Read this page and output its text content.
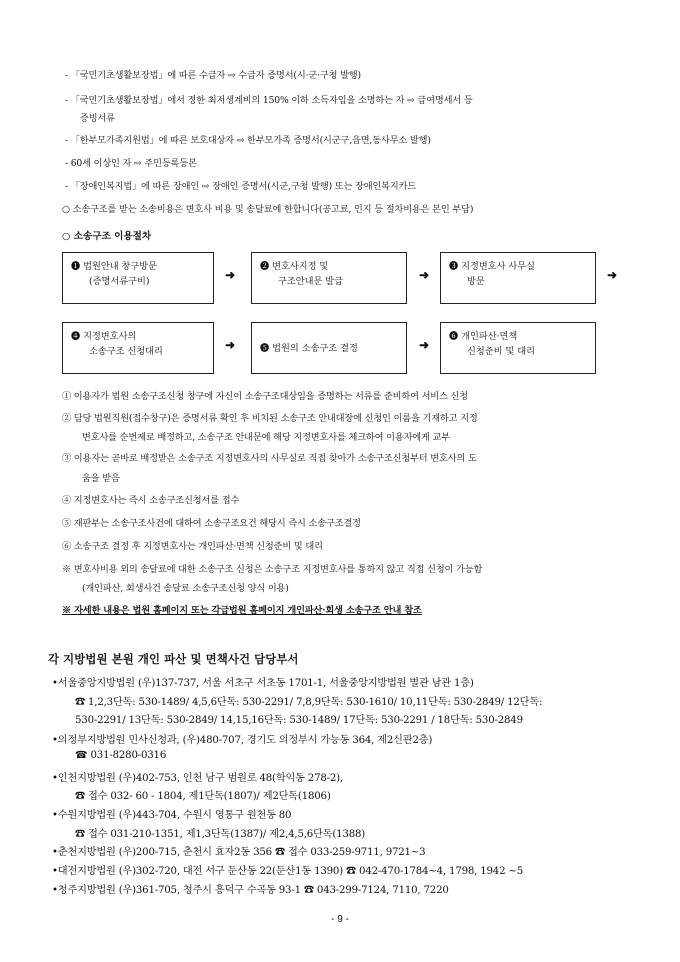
- 「국민기초생활보장법」에 따른 수급자 ⇨ 수급자 증명서(시·군·구청 발행)
- 「국민기초생활보장법」에서 정한 최저생계비의 150% 이하 소득자임을 소명하는 자 ⇨ 급여명세서 등
증빙서류
- 「한부모가족지원법」에 따른 보호대상자 ⇨ 한부모가족 증명서(시군구,읍면,동사무소 발행)
- 60세 이상인 자 ⇨ 주민등록등본
- 「장애인복지법」에 따른 장애인 ⇨ 장애인 증명서(시군,구청 발행) 또는 장애인복지카드
○ 소송구조를 받는 소송비용은 변호사 비용 및 송달료에 한합니다(공고료, 인지 등 절차비용은 본인 부담)
○ 소송구조 이용절차
❶ 법원안내 창구방문
(증명서류구비)	➜
❷ 변호사지정 및
구조안내문 발급	➜
❸ 지정변호사 사무실
방문	➜
❹ 지정변호사의
소송구조 신청대리	➜	❺ 법원의 소송구조 결정	➜
❻ 개인파산·면책
신청준비 및 대리
① 이용자가 법원 소송구조신청 창구에 자신이 소송구조대상임을 증명하는 서류를 준비하여 서비스 신청
② 담당 법원직원(접수창구)은 증명서류 확인 후 비치된 소송구조 안내대장에 신청인 이름을 기재하고 지정
변호사를 순번제로 배정하고, 소송구조 안내문에 해당 지정변호사를 체크하여 이용자에게 교부
③ 이용자는 곧바로 배정받은 소송구조 지정변호사의 사무실로 직접 찾아가 소송구조신청부터 변호사의 도
움을 받음
④ 지정변호사는 즉시 소송구조신청서를 접수
⑤ 재판부는 소송구조사건에 대하여 소송구조요건 해당시 즉시 소송구조결정
⑥ 소송구조 결정 후 지정변호사는 개인파산·면책 신청준비 및 대리
※ 변호사비용 외의 송달료에 대한 소송구조 신청은 소송구조 지정변호사를 통하지 않고 직접 신청이 가능함
(개인파산, 회생사건 송달료 소송구조신청 양식 이용)
※ 자세한 내용은 법원 홈페이지 또는 각급법원 홈페이지 개인파산·회생 소송구조 안내 참조
각 지방법원 본원 개인 파산 및 면책사건 담당부서
•서울중앙지방법원 (우)137-737, 서울 서초구 서초동 1701-1, 서울중앙지방법원 별관 남관 1층)
☎ 1,2,3단독: 530-1489/ 4,5,6단독: 530-2291/ 7,8,9단독: 530-1610/ 10,11단독: 530-2849/ 12단독:
530-2291/ 13단독: 530-2849/ 14,15,16단독: 530-1489/ 17단독: 530-2291 / 18단독: 530-2849
•의정부지방법원 민사신청과, (우)480-707, 경기도 의정부시 가능동 364, 제2신관2층)
☎ 031-8280-0316
•인천지방법원 (우)402-753, 인천 남구 범원로 48(학익동 278-2),
☎ 접수 032- 60 - 1804, 제1단독(1807)/ 제2단독(1806)
•수원지방법원 (우)443-704, 수원시 영통구 원천동 80
☎ 접수 031-210-1351, 제1,3단독(1387)/ 제2,4,5,6단독(1388)
•춘천지방법원 (우)200-715, 춘천시 효자2동 356 ☎ 접수 033-259-9711, 9721~3
•대전지방법원 (우)302-720, 대전 서구 둔산동 22(둔산1동 1390) ☎ 042-470-1784~4, 1798, 1942 ~5
•청주지방법원 (우)361-705, 청주시 흥덕구 수곡동 93-1 ☎ 043-299-7124, 7110, 7220
- 9 -
